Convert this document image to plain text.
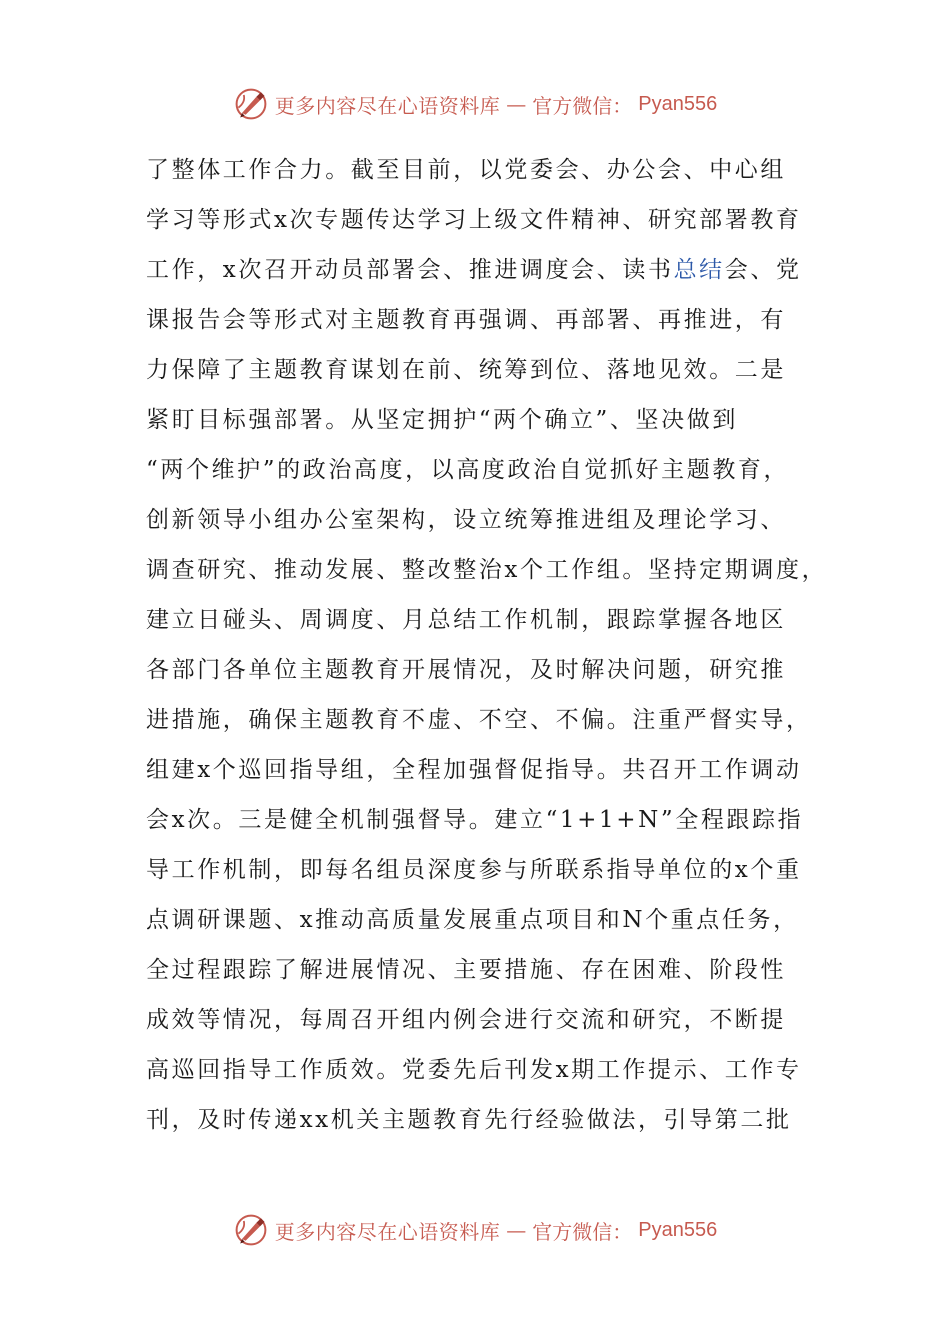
更多内容尽在心语资料库 — 官方微信： Pyan556
了整体工作合力。截至目前，以党委会、办公会、中心组
学习等形式x次专题传达学习上级文件精神、研究部署教育
工作，x次召开动员部署会、推进调度会、读书总结会、党
课报告会等形式对主题教育再强调、再部署、再推进，有
力保障了主题教育谋划在前、统筹到位、落地见效。二是
紧盯目标强部署。从坚定拥护“两个确立”、坚决做到
“两个维护”的政治高度，以高度政治自觉抓好主题教育，
创新领导小组办公室架构，设立统筹推进组及理论学习、
调查研究、推动发展、整改整治x个工作组。坚持定期调度，
建立日碰头、周调度、月总结工作机制，跟踪掌握各地区
各部门各单位主题教育开展情况，及时解决问题，研究推
进措施，确保主题教育不虚、不空、不偏。注重严督实导，
组建x个巡回指导组，全程加强督促指导。共召开工作调动
会x次。三是健全机制强督导。建立“1+1+N”全程跟踪指
导工作机制，即每名组员深度参与所联系指导单位的x个重
点调研课题、x推动高质量发展重点项目和N个重点任务，
全过程跟踪了解进展情况、主要措施、存在困难、阶段性
成效等情况，每周召开组内例会进行交流和研究，不断提
高巡回指导工作质效。党委先后刊发x期工作提示、工作专
刊，及时传递xx机关主题教育先行经验做法，引导第二批
更多内容尽在心语资料库 — 官方微信： Pyan556
